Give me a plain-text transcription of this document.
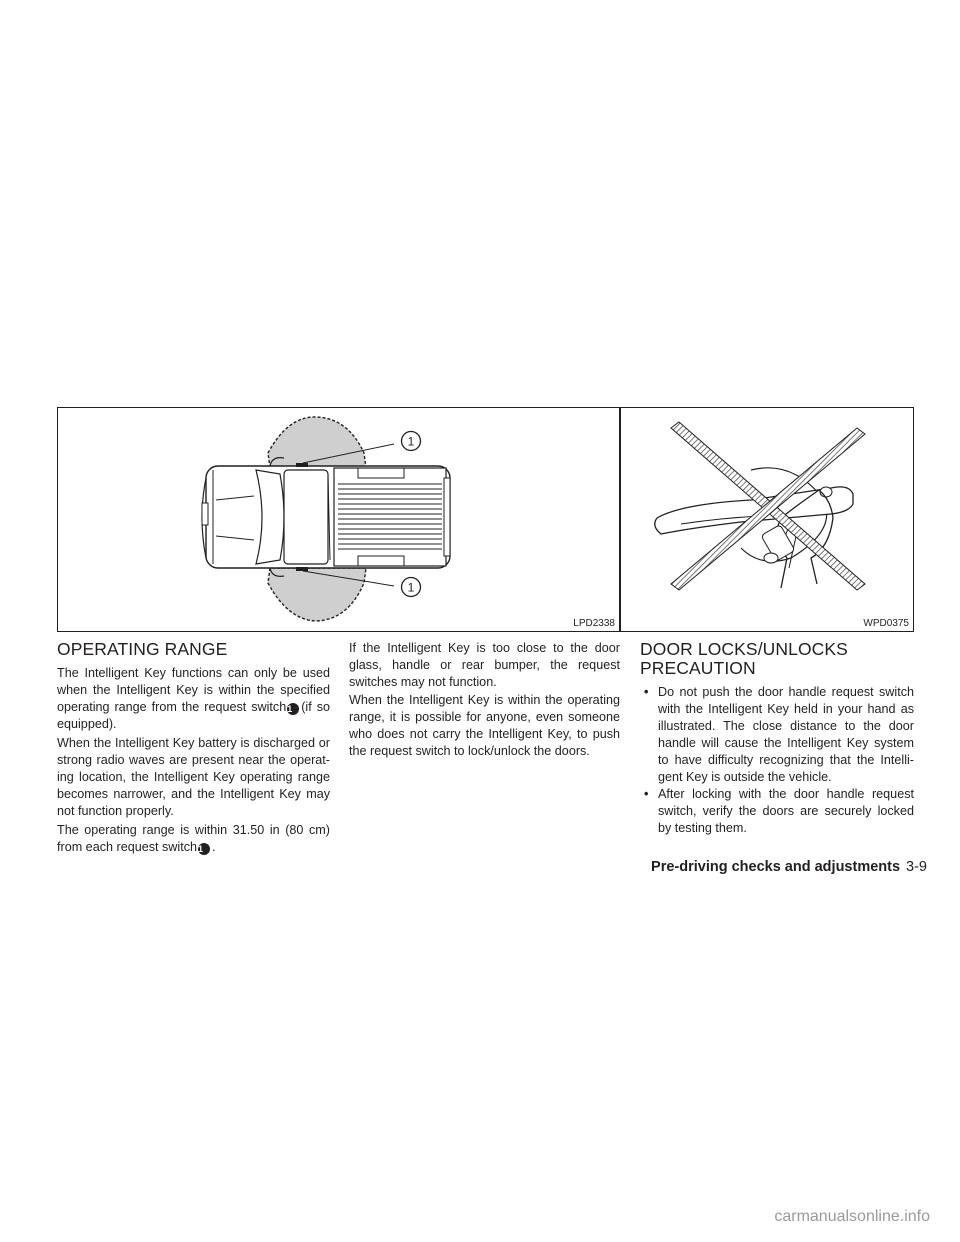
1
1
LPD2338	WPD0375
OPERATING RANGE

The Intelligent Key functions can only be used when the Intelligent Key is within the specified operating range from the request switch1 (if so equipped).

When the Intelligent Key battery is discharged or strong radio waves are present near the operat-ing location, the Intelligent Key operating range becomes narrower, and the Intelligent Key may not function properly.

The operating range is within 31.50 in (80 cm) from each request switch1 .

If the Intelligent Key is too close to the door glass, handle or rear bumper, the request switches may not function.

When the Intelligent Key is within the operating range, it is possible for anyone, even someone who does not carry the Intelligent Key, to push the request switch to lock/unlock the doors.

DOOR LOCKS/UNLOCKS
PRECAUTION
• Do not push the door handle request switch with the Intelligent Key held in your hand as illustrated. The close distance to the door handle will cause the Intelligent Key system to have difficulty recognizing that the Intelli-gent Key is outside the vehicle.
• After locking with the door handle request switch, verify the doors are securely locked by testing them.
Pre-driving checks and adjustments 3-9
carmanualsonline.info
